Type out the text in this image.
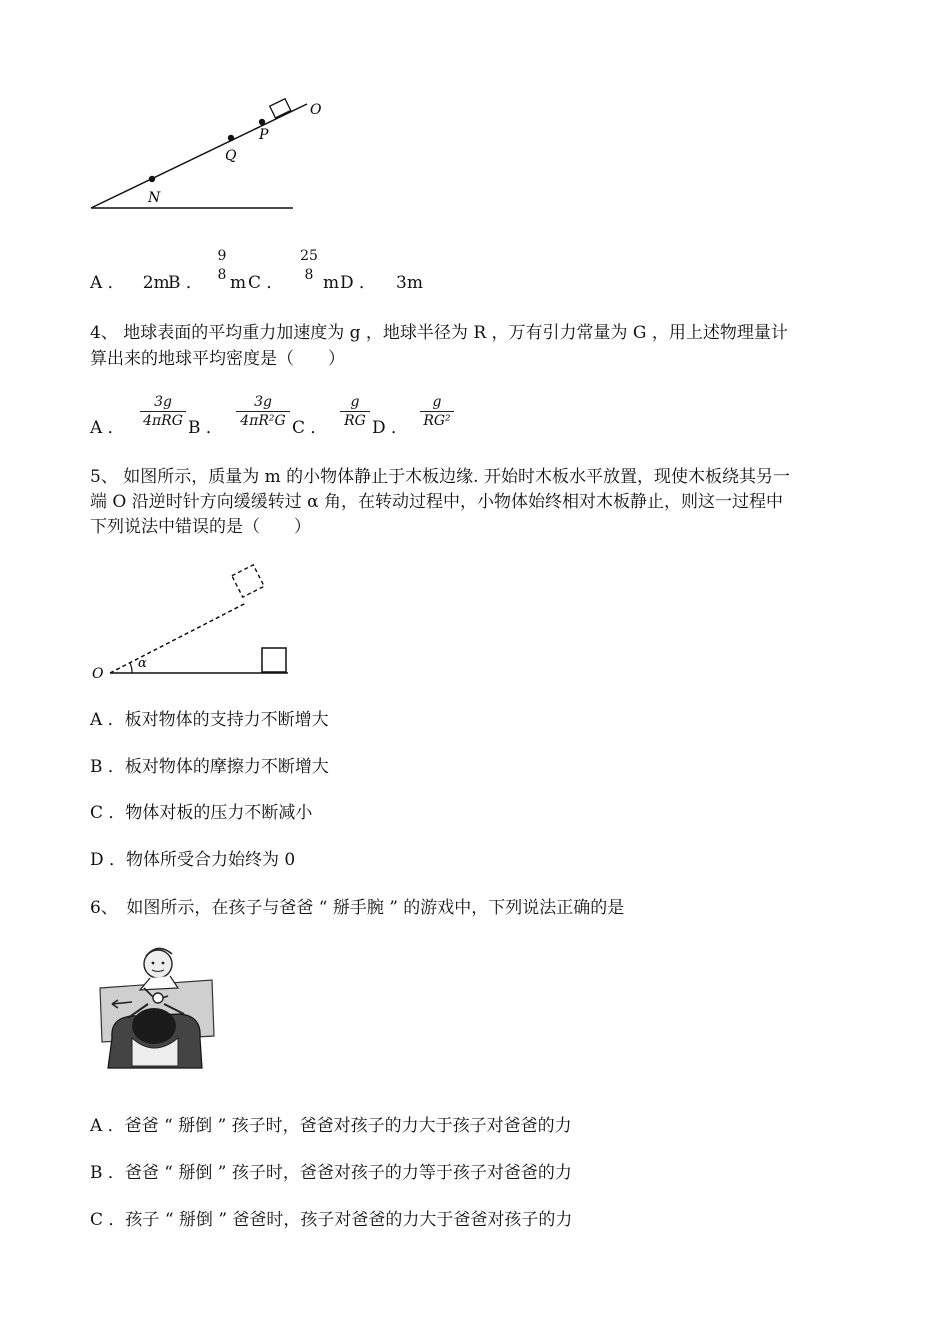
O
P
Q
N
A ． 2m
B ．
9
8 m C ．
25
8 m D ． 3m
4、 地球表面的平均重力加速度为 g ，地球半径为 R ，万有引力常量为 G ，用上述物理量计
算出来的地球平均密度是（　　）
A ．
3g
4πRG B ．
3g
4πR²G C ．
g
RG D ．
g
RG²
5、 如图所示，质量为 m 的小物体静止于木板边缘. 开始时木板水平放置，现使木板绕其另一
端 O 沿逆时针方向缓缓转过 α 角，在转动过程中，小物体始终相对木板静止，则这一过程中
下列说法中错误的是（　　）
O
α
A ．板对物体的支持力不断增大
B ．板对物体的摩擦力不断增大
C ．物体对板的压力不断减小
D ．物体所受合力始终为 0
6、　如图所示，在孩子与爸爸 “ 掰手腕 ” 的游戏中，下列说法正确的是
A ．爸爸 “ 掰倒 ” 孩子时，爸爸对孩子的力大于孩子对爸爸的力
B ．爸爸 “ 掰倒 ” 孩子时，爸爸对孩子的力等于孩子对爸爸的力
C ．孩子 “ 掰倒 ” 爸爸时，孩子对爸爸的力大于爸爸对孩子的力
